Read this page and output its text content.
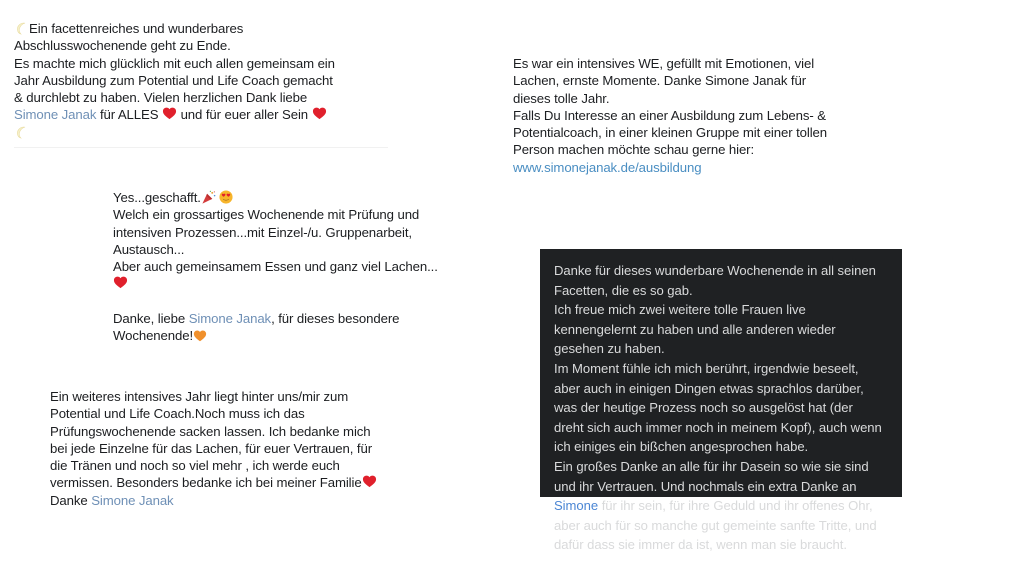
Ein facettenreiches und wunderbares

Abschlusswochenende geht zu Ende.

Es machte mich glücklich mit euch allen gemeinsam ein

Jahr Ausbildung zum Potential und Life Coach gemacht

& durchlebt zu haben. Vielen herzlichen Dank liebe

Simone Janak für ALLES
und für euer aller Sein

Es war ein intensives WE, gefüllt mit Emotionen, viel

Lachen, ernste Momente. Danke Simone Janak für

dieses tolle Jahr.

Falls Du Interesse an einer Ausbildung zum Lebens- &

Potentialcoach, in einer kleinen Gruppe mit einer tollen

Person machen möchte schau gerne hier:

www.simonejanak.de/ausbildung

Yes...geschafft.

Welch ein grossartiges Wochenende mit Prüfung und

intensiven Prozessen...mit Einzel-/u. Gruppenarbeit,

Austausch...

Aber auch gemeinsamem Essen und ganz viel Lachen...

Danke, liebe Simone Janak, für dieses besondere

Wochenende!

Ein weiteres intensives Jahr liegt hinter uns/mir zum

Potential und Life Coach.Noch muss ich das

Prüfungswochenende sacken lassen. Ich bedanke mich

bei jede Einzelne für das Lachen, für euer Vertrauen, für

die Tränen und noch so viel mehr , ich werde euch

vermissen. Besonders bedanke ich bei meiner Familie

Danke Simone Janak

Danke für dieses wunderbare Wochenende in all seinen

Facetten, die es so gab.

Ich freue mich zwei weitere tolle Frauen live

kennengelernt zu haben und alle anderen wieder

gesehen zu haben.

Im Moment fühle ich mich berührt, irgendwie beseelt,

aber auch in einigen Dingen etwas sprachlos darüber,

was der heutige Prozess noch so ausgelöst hat (der

dreht sich auch immer noch in meinem Kopf), auch wenn

ich einiges ein bißchen angesprochen habe.

Ein großes Danke an alle für ihr Dasein so wie sie sind

und ihr Vertrauen. Und nochmals ein extra Danke an

Simone für ihr sein, für ihre Geduld und ihr offenes Ohr,

aber auch für so manche gut gemeinte sanfte Tritte, und

dafür dass sie immer da ist, wenn man sie braucht.
